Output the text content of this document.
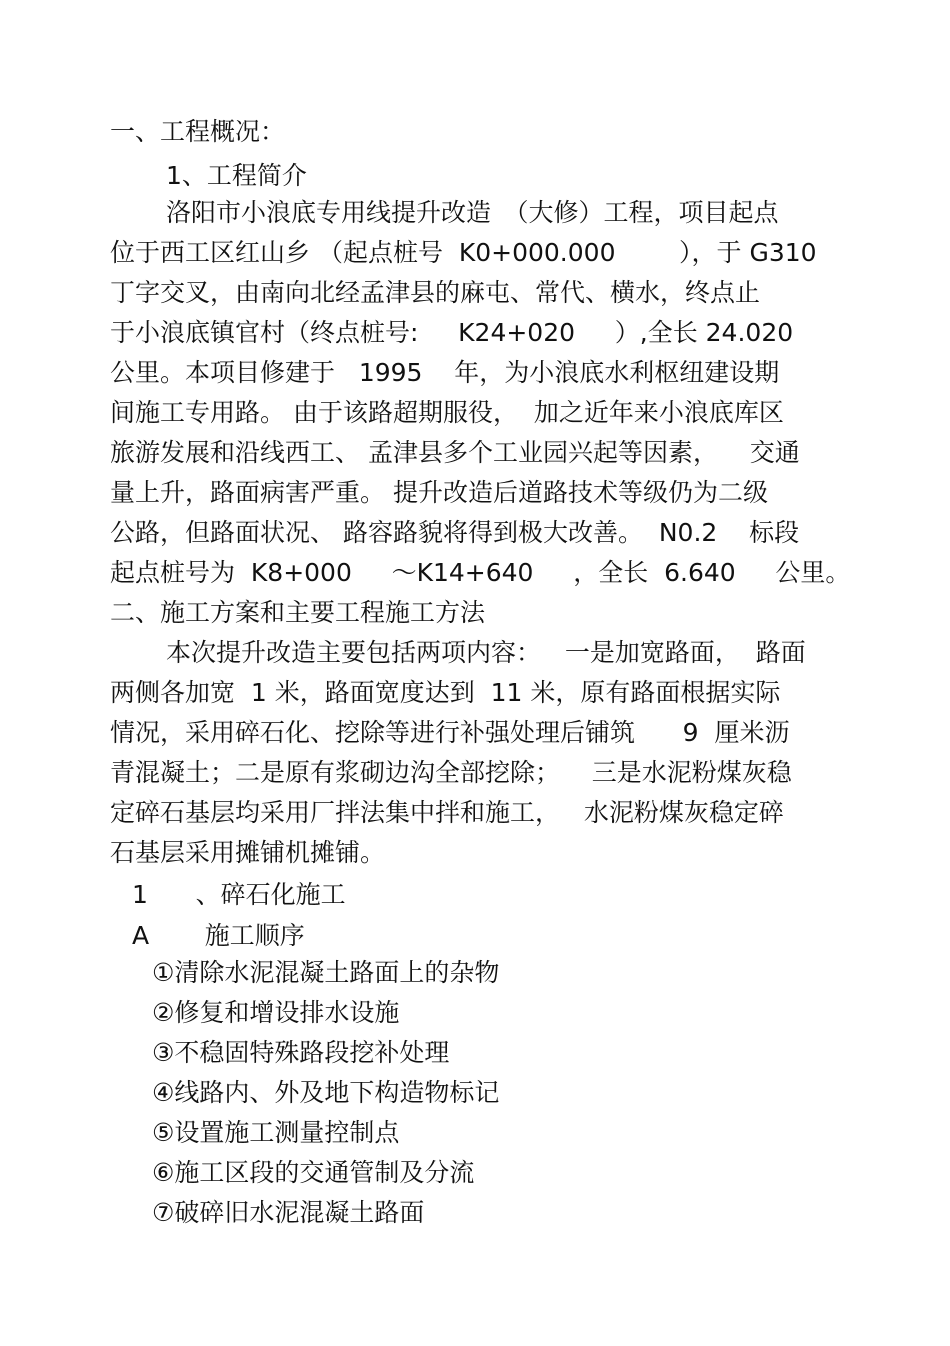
一、工程概况：
1、工程简介
洛阳市小浪底专用线提升改造　（大修）工程，项目起点
位于西工区红山乡 （起点桩号  K0+000.000        ），于 G310
丁字交叉，由南向北经孟津县的麻屯、常代、横水，终点止
于小浪底镇官村（终点桩号:     K24+020     ）,全长 24.020
公里。本项目修建于   1995    年，为小浪底水利枢纽建设期
间施工专用路。 由于该路超期服役，  加之近年来小浪底库区
旅游发展和沿线西工、 孟津县多个工业园兴起等因素，    交通
量上升，路面病害严重。 提升改造后道路技术等级仍为二级
公路，但路面状况、 路容路貌将得到极大改善。  N0.2    标段
起点桩号为  K8+000     ～K14+640     ，全长  6.640     公里。
二、施工方案和主要工程施工方法
本次提升改造主要包括两项内容：   一是加宽路面，  路面
两侧各加宽  1 米，路面宽度达到  11 米，原有路面根据实际
情况，采用碎石化、挖除等进行补强处理后铺筑      9  厘米沥
青混凝土；二是原有浆砌边沟全部挖除；    三是水泥粉煤灰稳
定碎石基层均采用厂拌法集中拌和施工，   水泥粉煤灰稳定碎
石基层采用摊铺机摊铺。
1      、碎石化施工
A       施工顺序
①清除水泥混凝土路面上的杂物
②修复和增设排水设施
③不稳固特殊路段挖补处理
④线路内、外及地下构造物标记
⑤设置施工测量控制点
⑥施工区段的交通管制及分流
⑦破碎旧水泥混凝土路面
